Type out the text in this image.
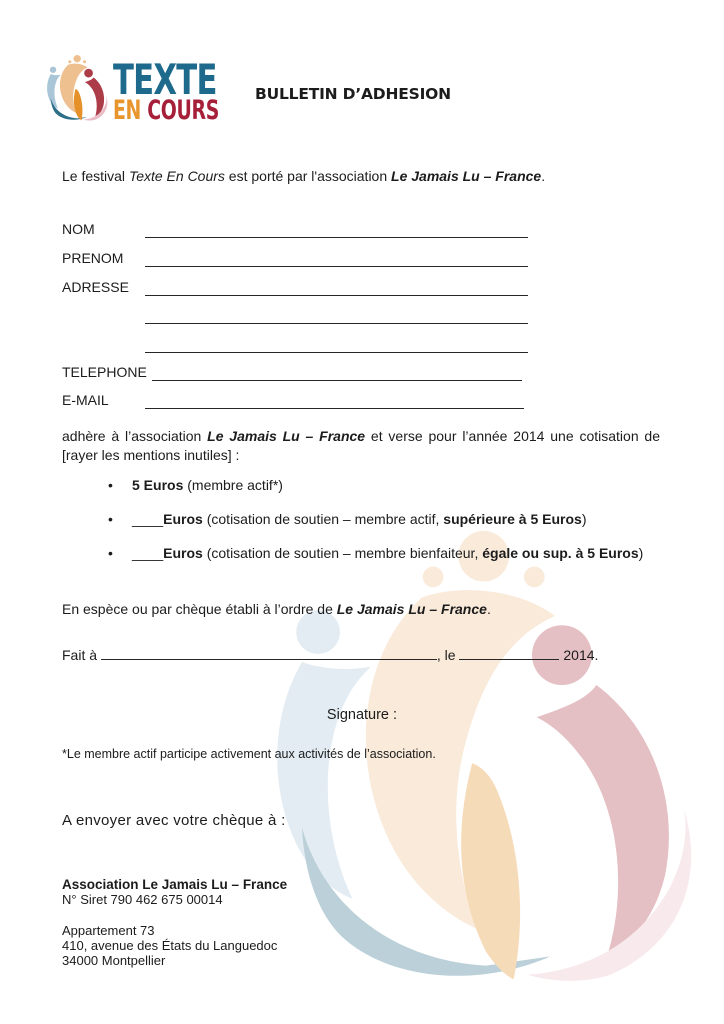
TEXTE
EN COURS
BULLETIN D’ADHESION
Le festival Texte En Cours est porté par l'association Le Jamais Lu – France.
NOM
PRENOM
ADRESSE
TELEPHONE
E-MAIL
adhère à l’association Le Jamais Lu – France et verse pour l’année 2014 une cotisation de [rayer les mentions inutiles] :
• 5 Euros (membre actif*)
• ____Euros (cotisation de soutien – membre actif, supérieure à 5 Euros)
• ____Euros (cotisation de soutien – membre bienfaiteur, égale ou sup. à 5 Euros)
En espèce ou par chèque établi à l’ordre de Le Jamais Lu – France.
Fait à	, le	2014.
Signature :
*Le membre actif participe activement aux activités de l’association.
A envoyer avec votre chèque à :
Association Le Jamais Lu – France
N° Siret 790 462 675 00014
Appartement 73
410, avenue des États du Languedoc
34000 Montpellier
